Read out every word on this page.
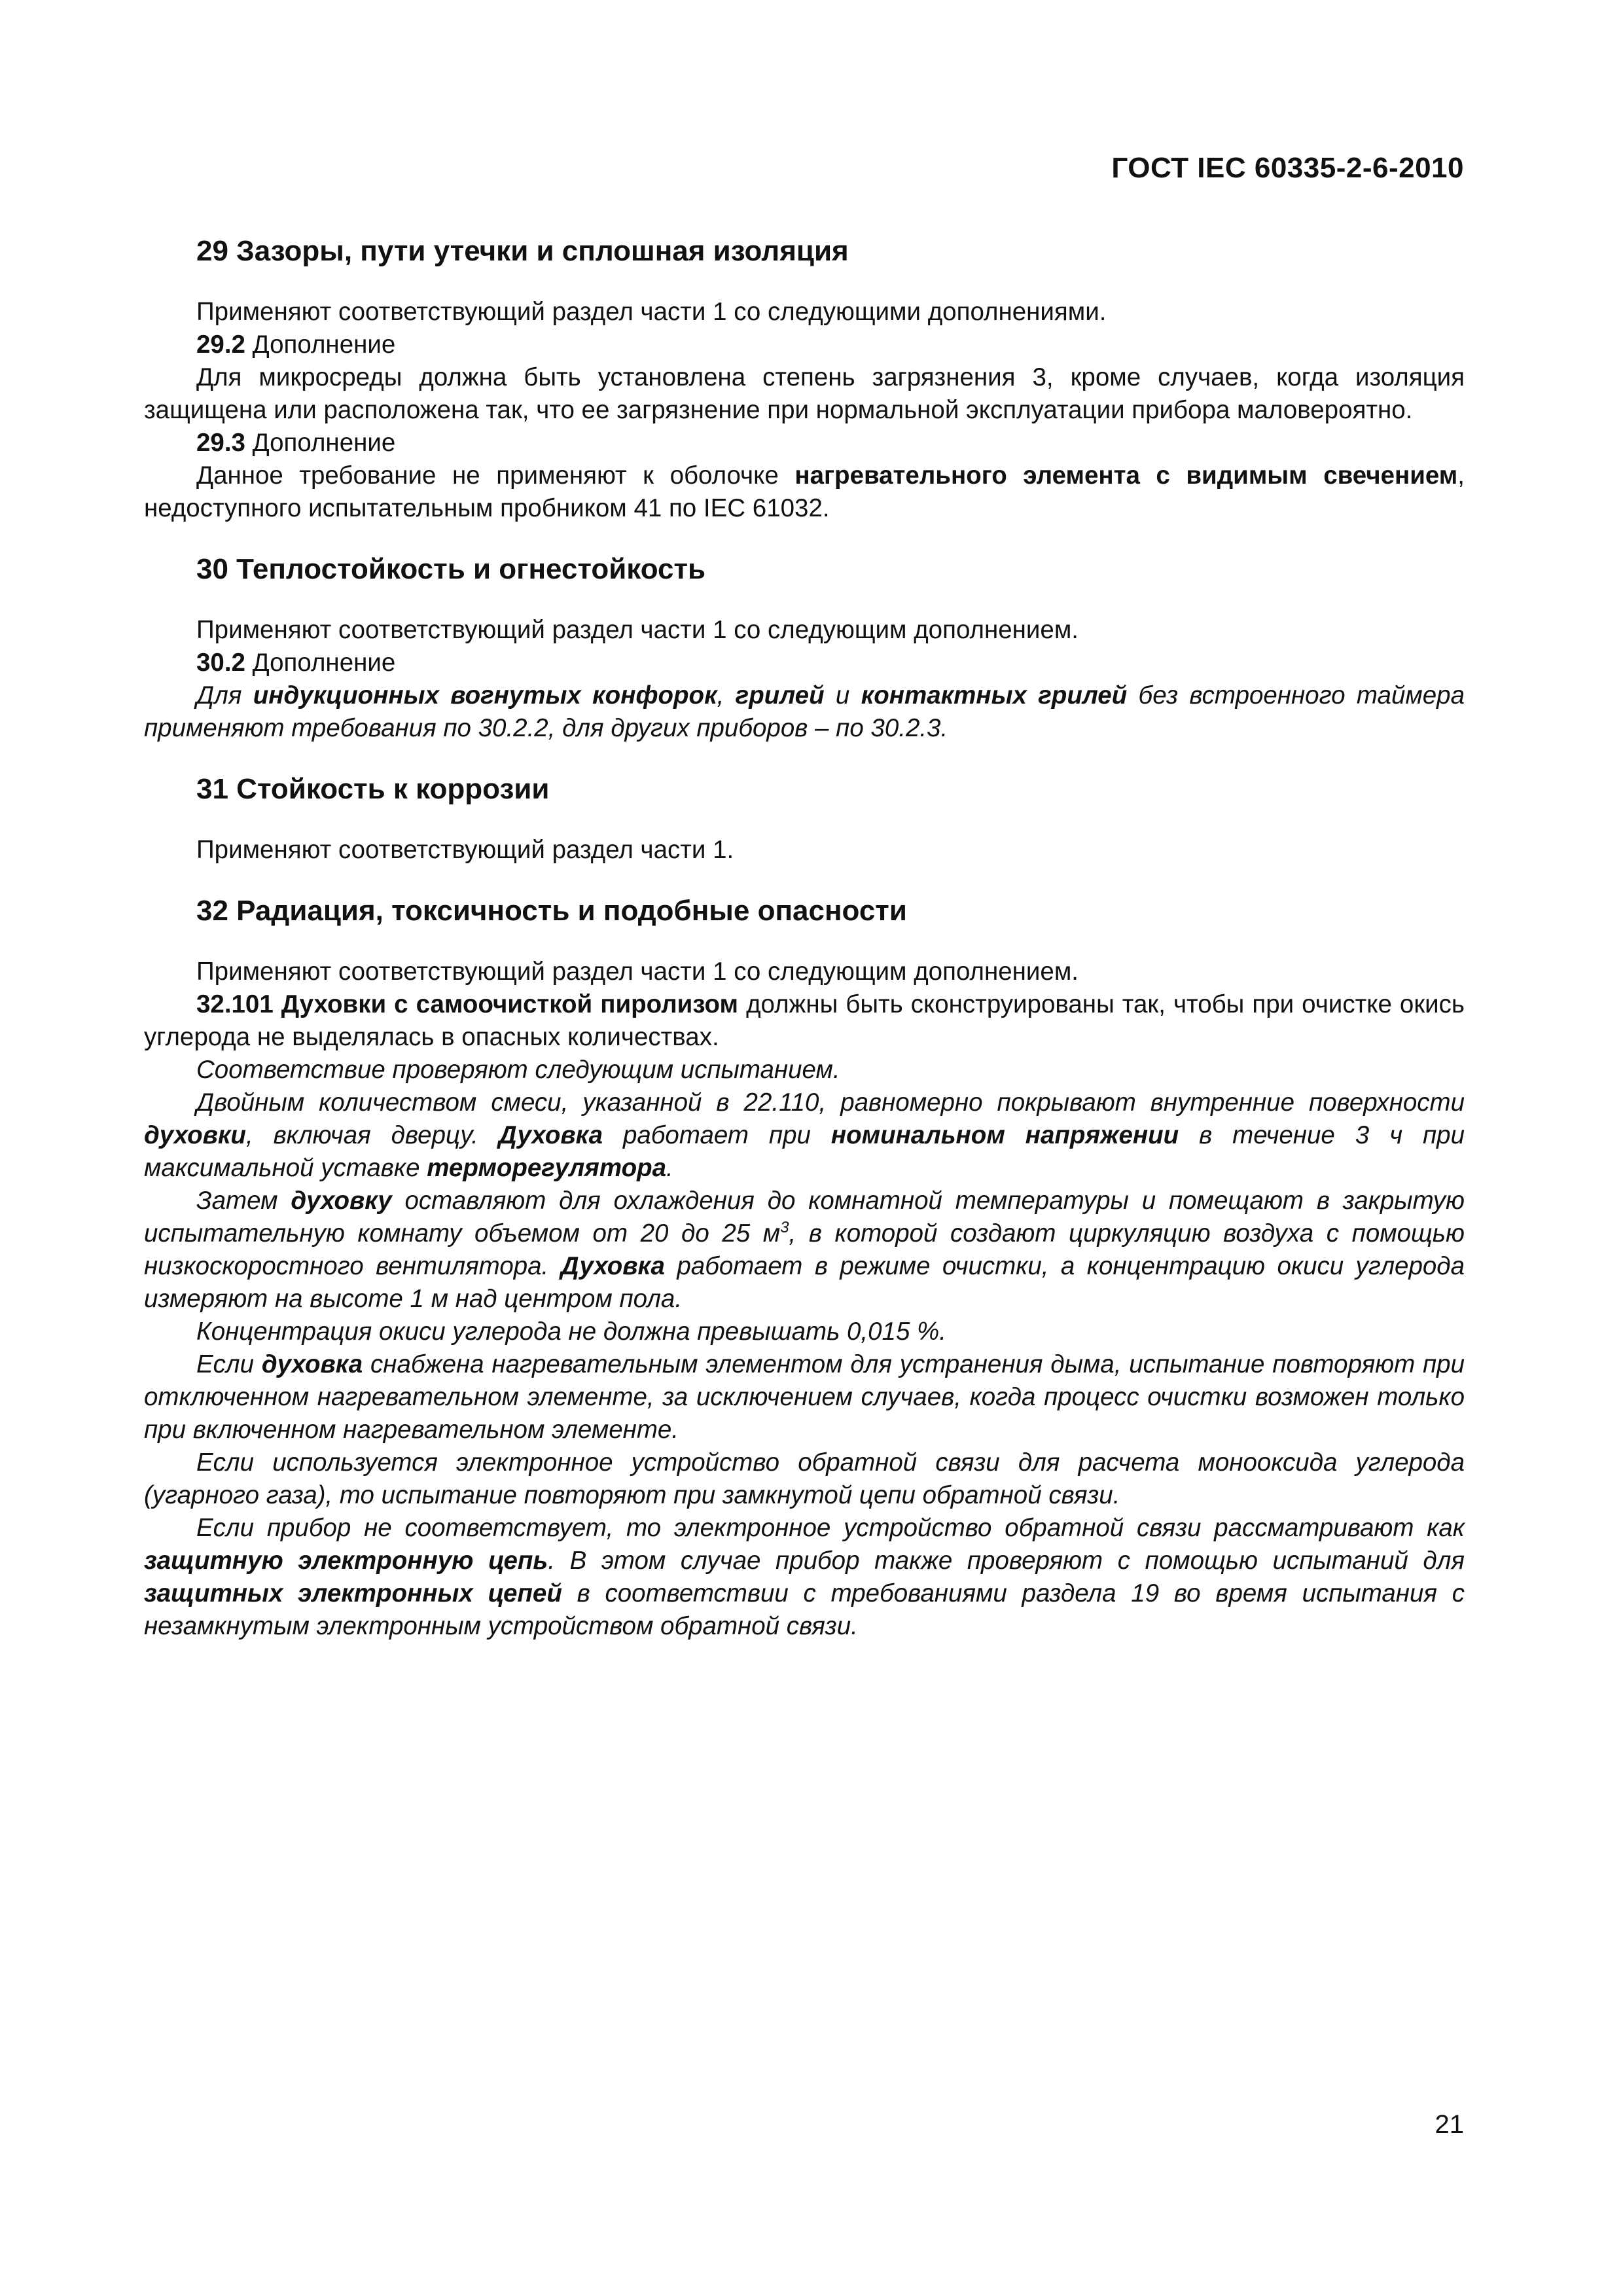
ГОСТ IEC 60335-2-6-2010
29 Зазоры, пути утечки и сплошная изоляция

Применяют соответствующий раздел части 1 со следующими дополнениями.

29.2 Дополнение

Для микросреды должна быть установлена степень загрязнения 3, кроме случаев, когда изоляция защищена или расположена так, что ее загрязнение при нормальной эксплуатации прибора маловероятно.

29.3 Дополнение

Данное требование не применяют к оболочке нагревательного элемента с видимым свечением, недоступного испытательным пробником 41 по IEC 61032.

30 Теплостойкость и огнестойкость

Применяют соответствующий раздел части 1 со следующим дополнением.

30.2 Дополнение

Для индукционных вогнутых конфорок, грилей и контактных грилей без встроенного таймера применяют требования по 30.2.2, для других приборов – по 30.2.3.

31 Стойкость к коррозии

Применяют соответствующий раздел части 1.

32 Радиация, токсичность и подобные опасности

Применяют соответствующий раздел части 1 со следующим дополнением.

32.101 Духовки с самоочисткой пиролизом должны быть сконструированы так, чтобы при очистке окись углерода не выделялась в опасных количествах.

Соответствие проверяют следующим испытанием.

Двойным количеством смеси, указанной в 22.110, равномерно покрывают внутренние поверхности духовки, включая дверцу. Духовка работает при номинальном напряжении в течение 3 ч при максимальной уставке терморегулятора.

Затем духовку оставляют для охлаждения до комнатной температуры и помещают в закрытую испытательную комнату объемом от 20 до 25 $м^3$, в которой создают циркуляцию воздуха с помощью низкоскоростного вентилятора. Духовка работает в режиме очистки, а концентрацию окиси углерода измеряют на высоте 1 м над центром пола.

Концентрация окиси углерода не должна превышать 0,015 %.

Если духовка снабжена нагревательным элементом для устранения дыма, испытание повторяют при отключенном нагревательном элементе, за исключением случаев, когда процесс очистки возможен только при включенном нагревательном элементе.

Если используется электронное устройство обратной связи для расчета монооксида углерода (угарного газа), то испытание повторяют при замкнутой цепи обратной связи.

Если прибор не соответствует, то электронное устройство обратной связи рассматривают как защитную электронную цепь. В этом случае прибор также проверяют с помощью испытаний для защитных электронных цепей в соответствии с требованиями раздела 19 во время испытания с незамкнутым электронным устройством обратной связи.

21
